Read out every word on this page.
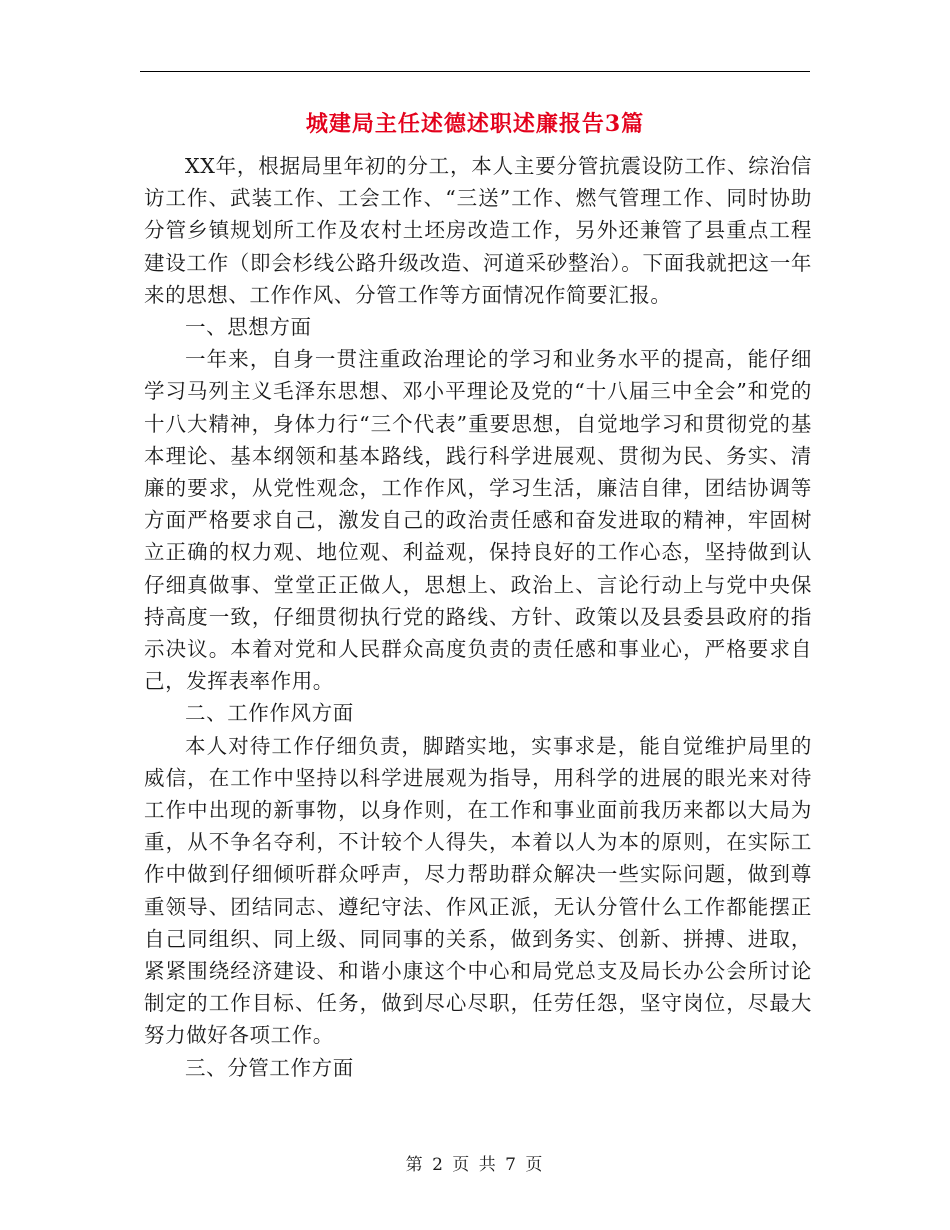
城建局主任述德述职述廉报告3篇

XX年，根据局里年初的分工，本人主要分管抗震设防工作、综治信访工作、武装工作、工会工作、“三送”工作、燃气管理工作、同时协助分管乡镇规划所工作及农村土坯房改造工作，另外还兼管了县重点工程建设工作（即会杉线公路升级改造、河道采砂整治）。下面我就把这一年来的思想、工作作风、分管工作等方面情况作简要汇报。

一、思想方面

一年来，自身一贯注重政治理论的学习和业务水平的提高，能仔细学习马列主义毛泽东思想、邓小平理论及党的“十八届三中全会”和党的十八大精神，身体力行“三个代表”重要思想，自觉地学习和贯彻党的基本理论、基本纲领和基本路线，践行科学进展观、贯彻为民、务实、清廉的要求，从党性观念，工作作风，学习生活，廉洁自律，团结协调等方面严格要求自己，激发自己的政治责任感和奋发进取的精神，牢固树立正确的权力观、地位观、利益观，保持良好的工作心态，坚持做到认仔细真做事、堂堂正正做人，思想上、政治上、言论行动上与党中央保持高度一致，仔细贯彻执行党的路线、方针、政策以及县委县政府的指示决议。本着对党和人民群众高度负责的责任感和事业心，严格要求自己，发挥表率作用。

二、工作作风方面

本人对待工作仔细负责，脚踏实地，实事求是，能自觉维护局里的威信，在工作中坚持以科学进展观为指导，用科学的进展的眼光来对待工作中出现的新事物，以身作则，在工作和事业面前我历来都以大局为重，从不争名夺利，不计较个人得失，本着以人为本的原则，在实际工作中做到仔细倾听群众呼声，尽力帮助群众解决一些实际问题，做到尊重领导、团结同志、遵纪守法、作风正派，无认分管什么工作都能摆正自己同组织、同上级、同同事的关系，做到务实、创新、拼搏、进取，紧紧围绕经济建设、和谐小康这个中心和局党总支及局长办公会所讨论制定的工作目标、任务，做到尽心尽职，任劳任怨，坚守岗位，尽最大努力做好各项工作。

三、分管工作方面

第 2 页 共 7 页
